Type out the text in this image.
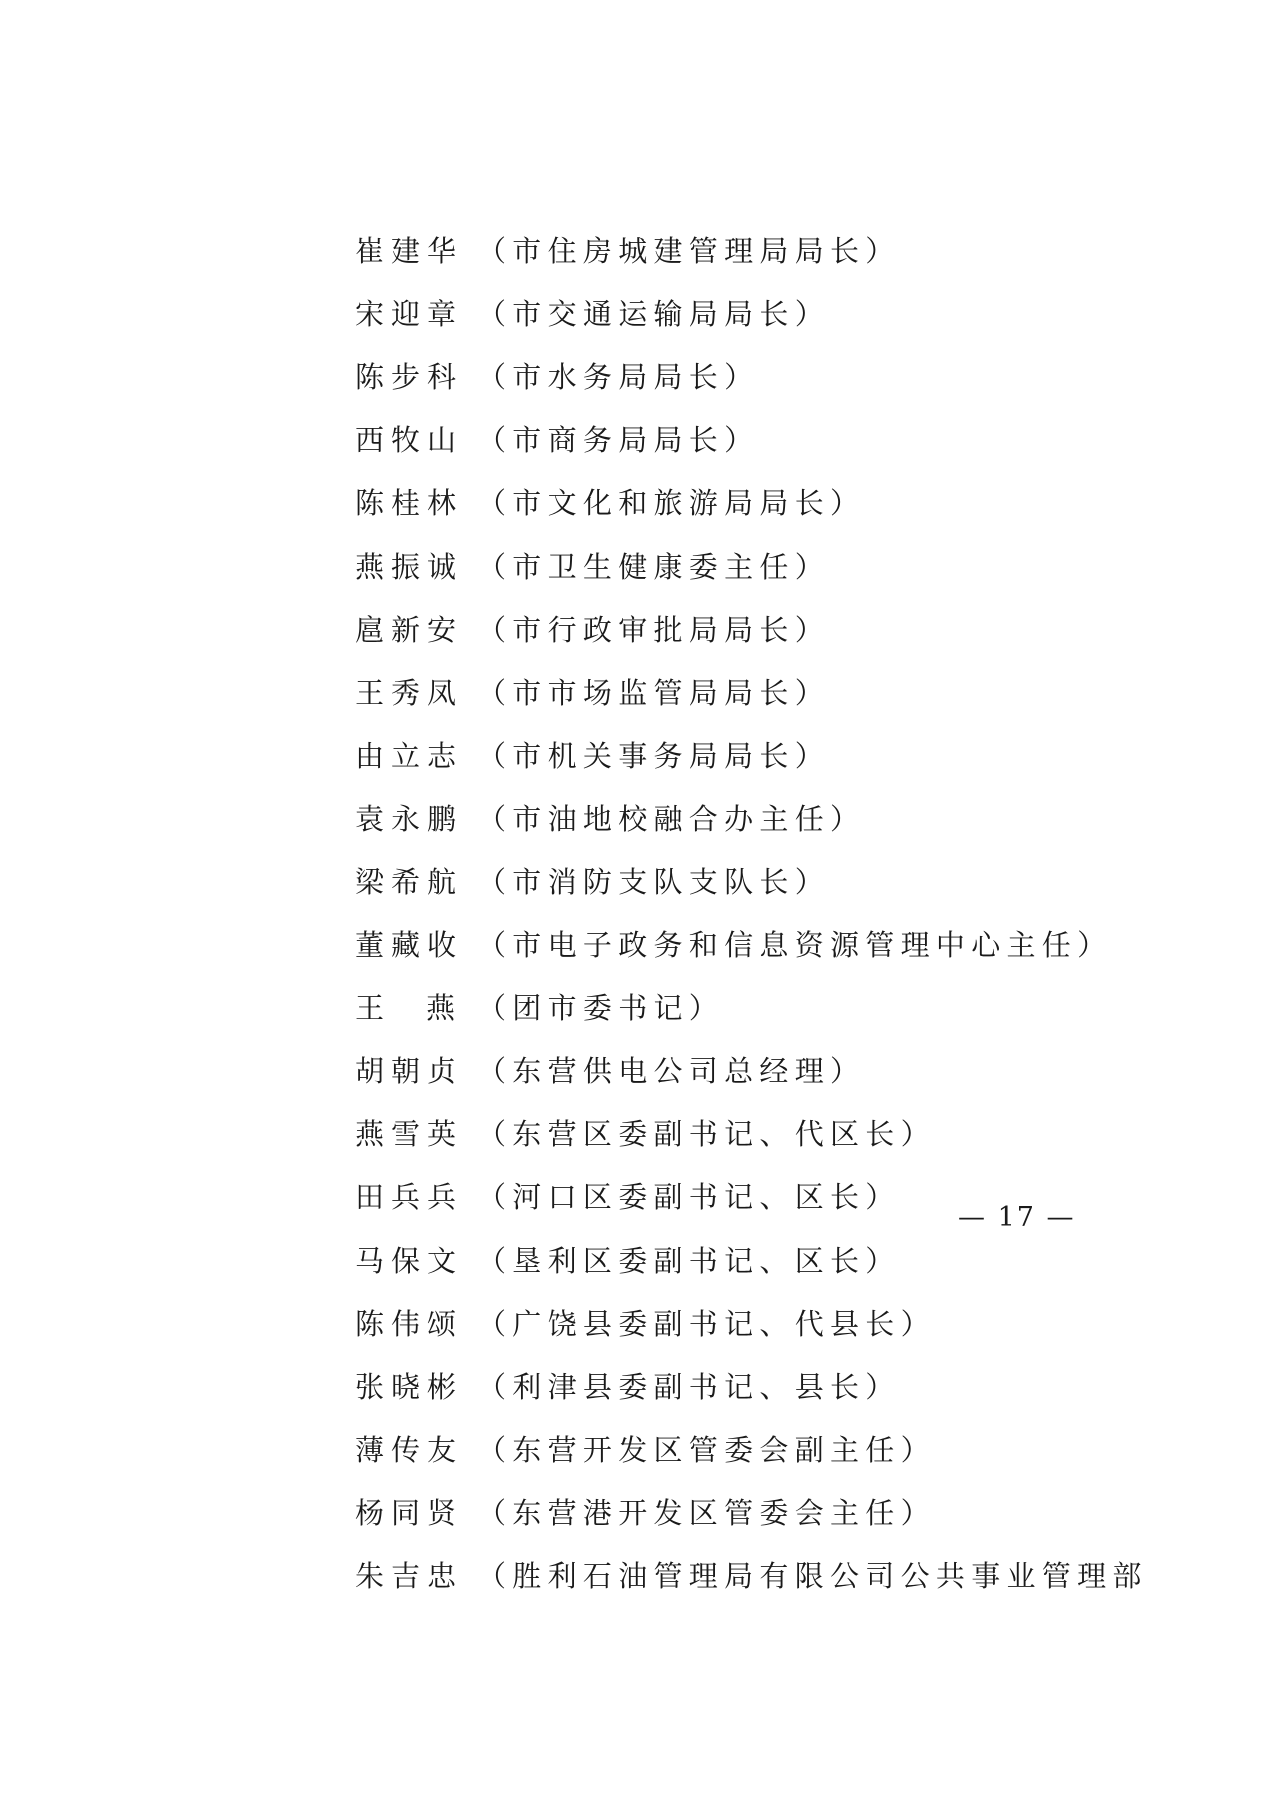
崔建华 （市住房城建管理局局长）
宋迎章 （市交通运输局局长）
陈步科 （市水务局局长）
西牧山 （市商务局局长）
陈桂林 （市文化和旅游局局长）
燕振诚 （市卫生健康委主任）
扈新安 （市行政审批局局长）
王秀凤 （市市场监管局局长）
由立志 （市机关事务局局长）
袁永鹏 （市油地校融合办主任）
梁希航 （市消防支队支队长）
董藏收 （市电子政务和信息资源管理中心主任）
王 燕 （团市委书记）
胡朝贞 （东营供电公司总经理）
燕雪英 （东营区委副书记、代区长）
田兵兵 （河口区委副书记、区长）
马保文 （垦利区委副书记、区长）
陈伟颂 （广饶县委副书记、代县长）
张晓彬 （利津县委副书记、县长）
薄传友 （东营开发区管委会副主任）
杨同贤 （东营港开发区管委会主任）
朱吉忠 （胜利石油管理局有限公司公共事业管理部
— 17 —
